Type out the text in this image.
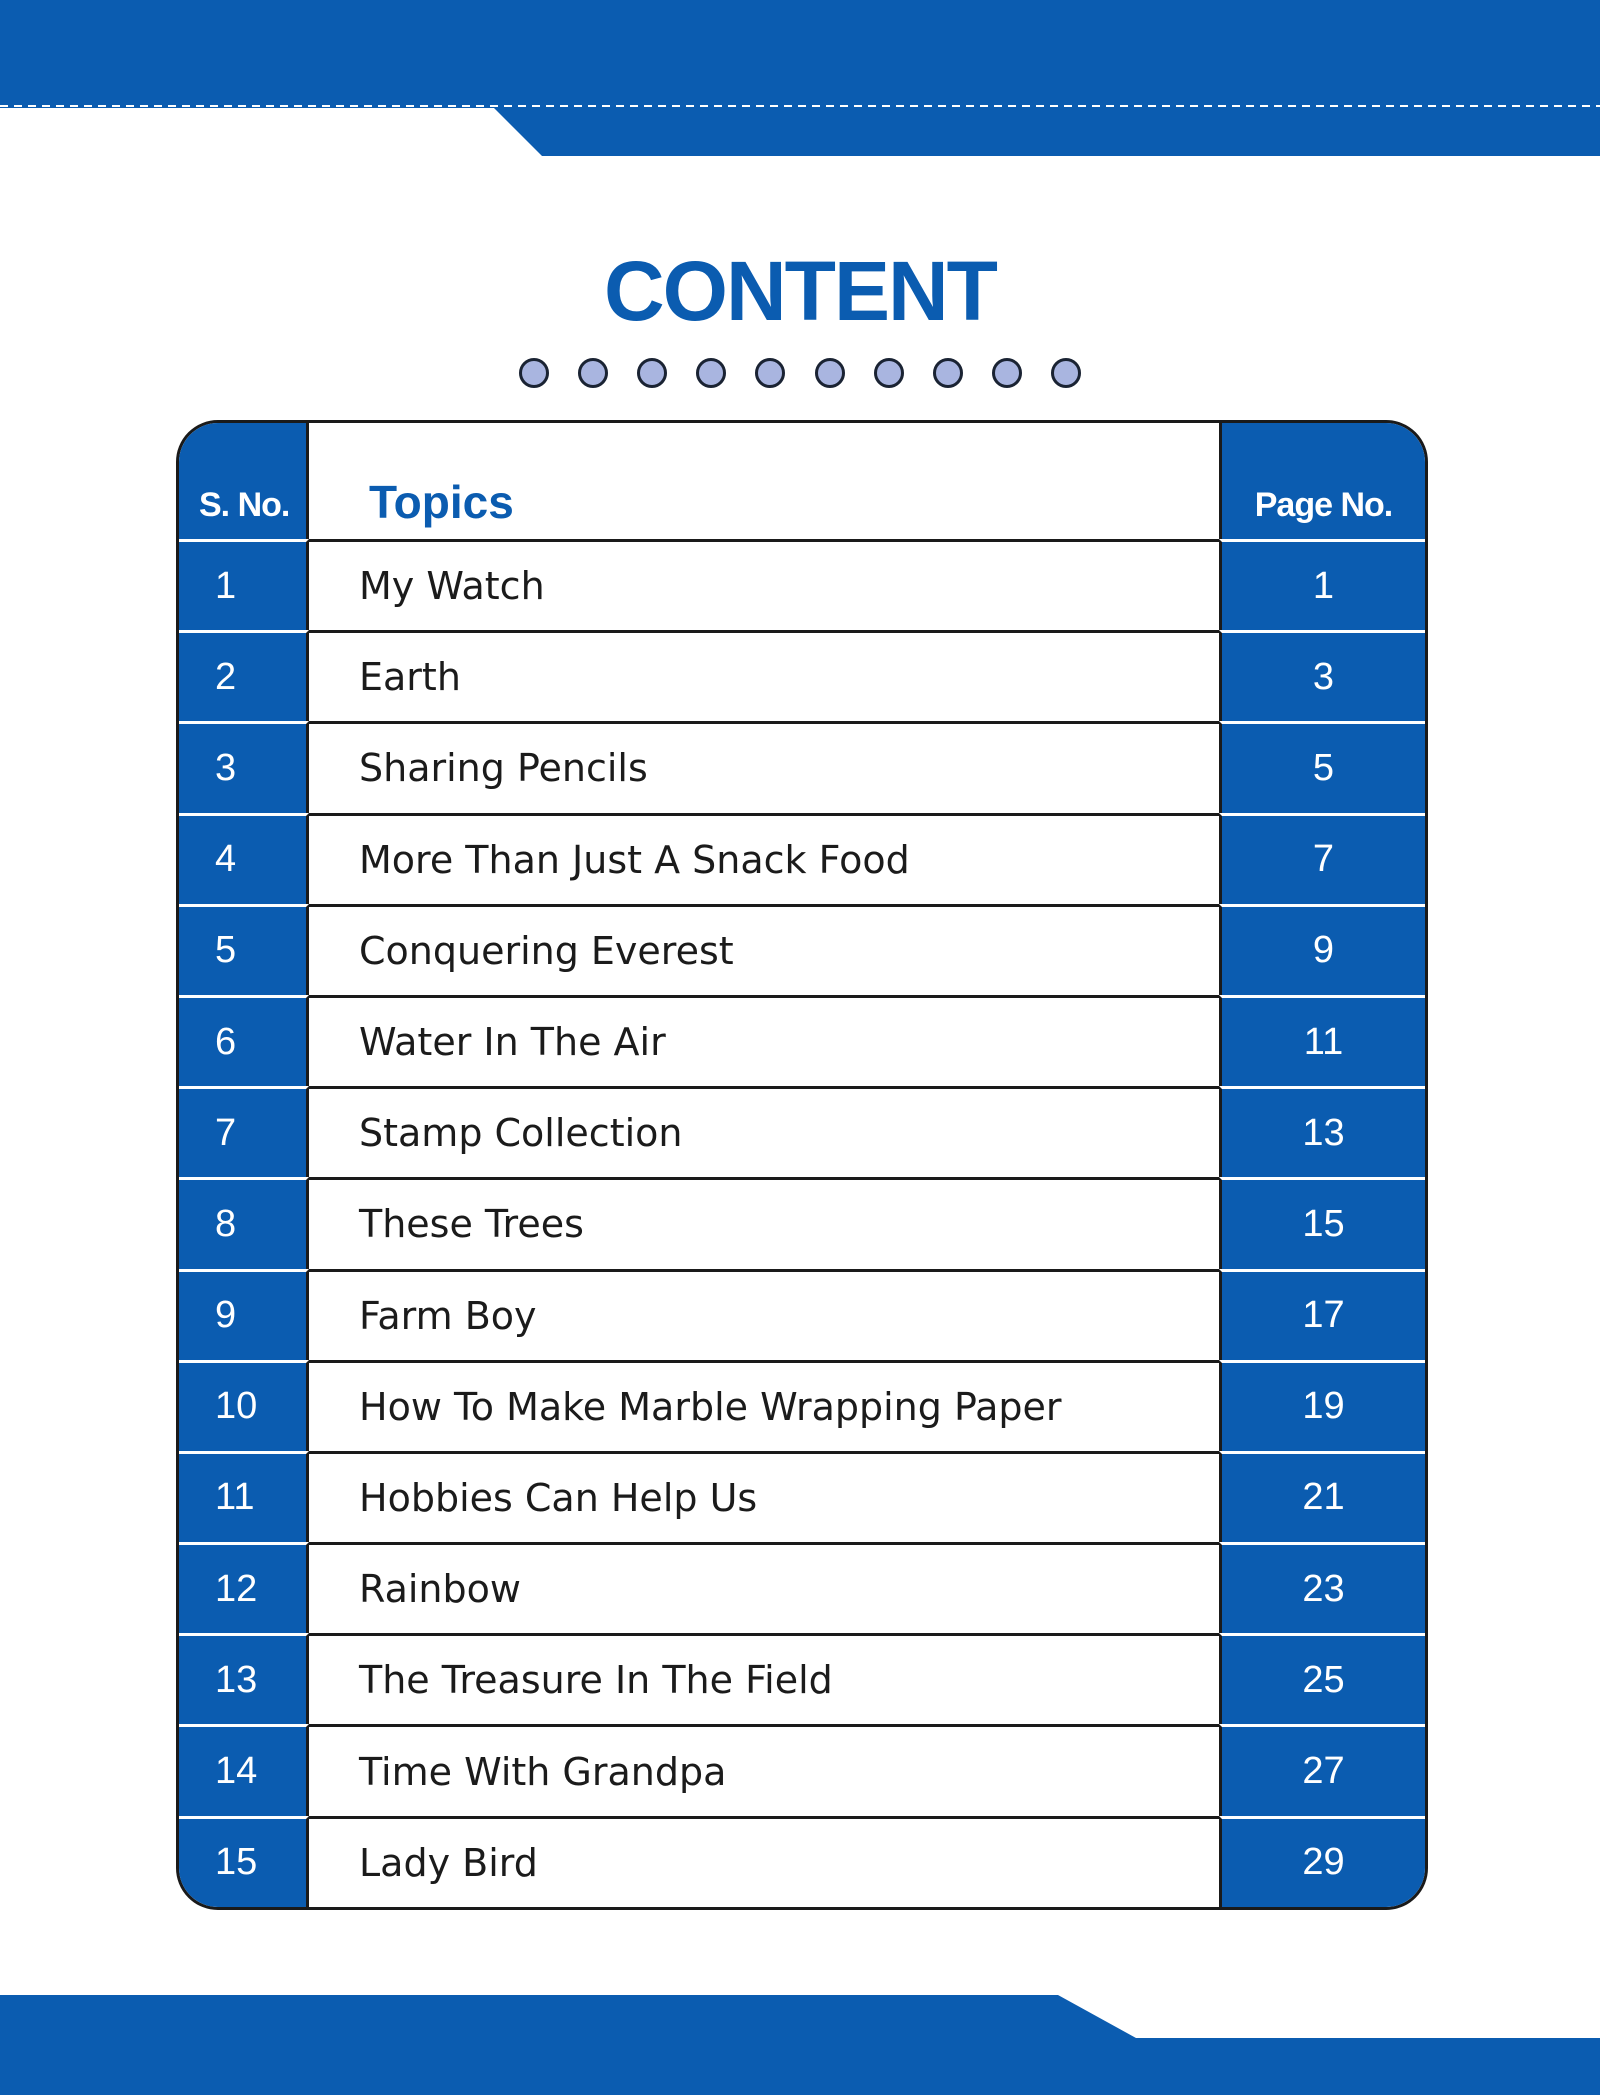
CONTENT
S. No.	Topics	Page No.
1	My Watch	1
2	Earth	3
3	Sharing Pencils	5
4	More Than Just A Snack Food	7
5	Conquering Everest	9
6	Water In The Air	11
7	Stamp Collection	13
8	These Trees	15
9	Farm Boy	17
10	How To Make Marble Wrapping Paper	19
11	Hobbies Can Help Us	21
12	Rainbow	23
13	The Treasure In The Field	25
14	Time With Grandpa	27
15	Lady Bird	29
